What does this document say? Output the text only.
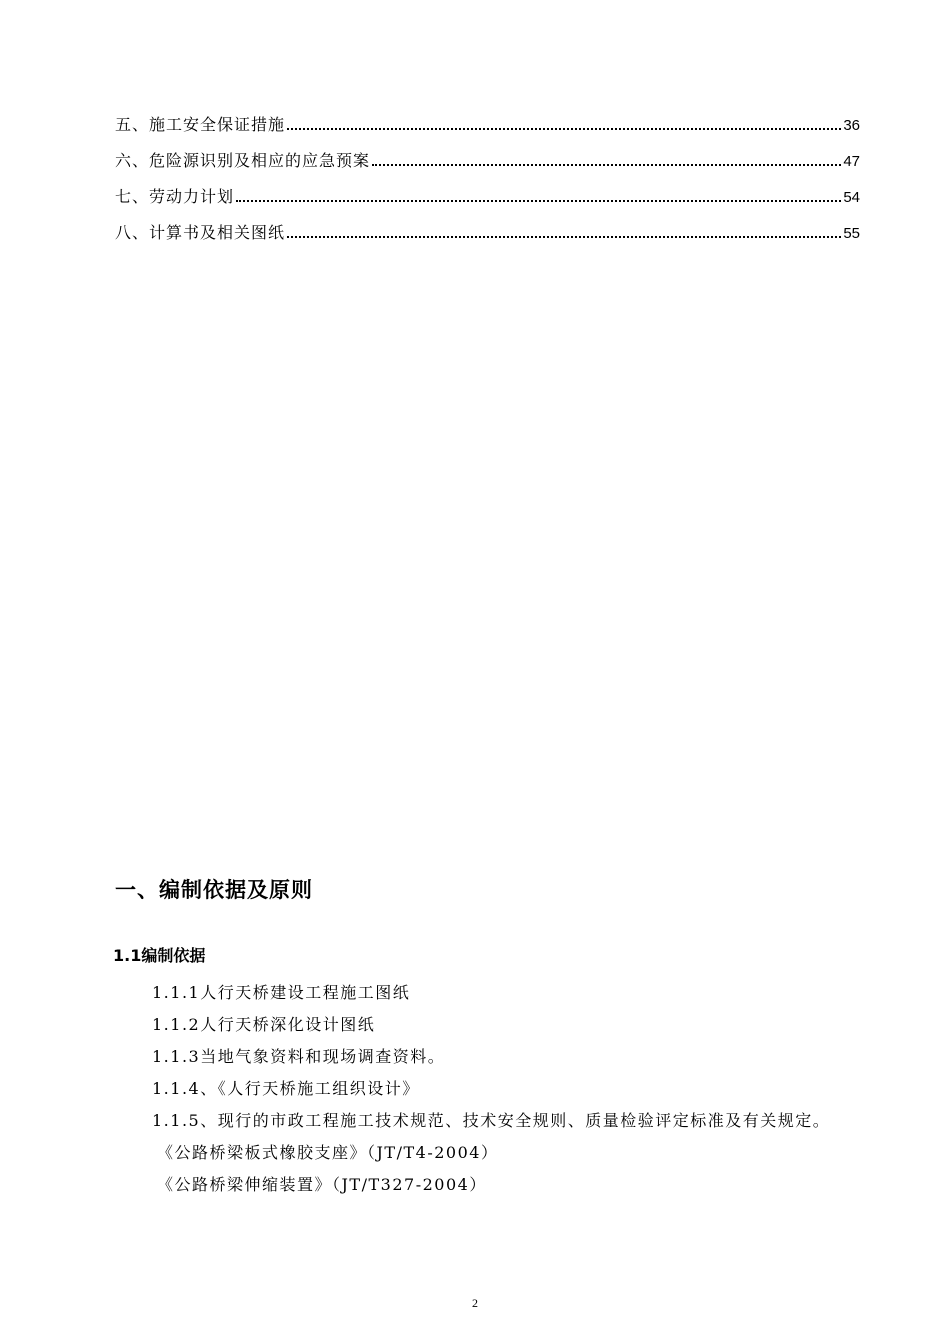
五、施工安全保证措施	36
六、危险源识别及相应的应急预案	47
七、劳动力计划	54
八、计算书及相关图纸	55
一、编制依据及原则
1.1编制依据

1.1.1人行天桥建设工程施工图纸

1.1.2人行天桥深化设计图纸

1.1.3当地气象资料和现场调查资料。

1.1.4、《人行天桥施工组织设计》

1.1.5、现行的市政工程施工技术规范、技术安全规则、质量检验评定标准及有关规定。

《公路桥梁板式橡胶支座》（JT/T4-2004）

《公路桥梁伸缩装置》（JT/T327-2004）

2
